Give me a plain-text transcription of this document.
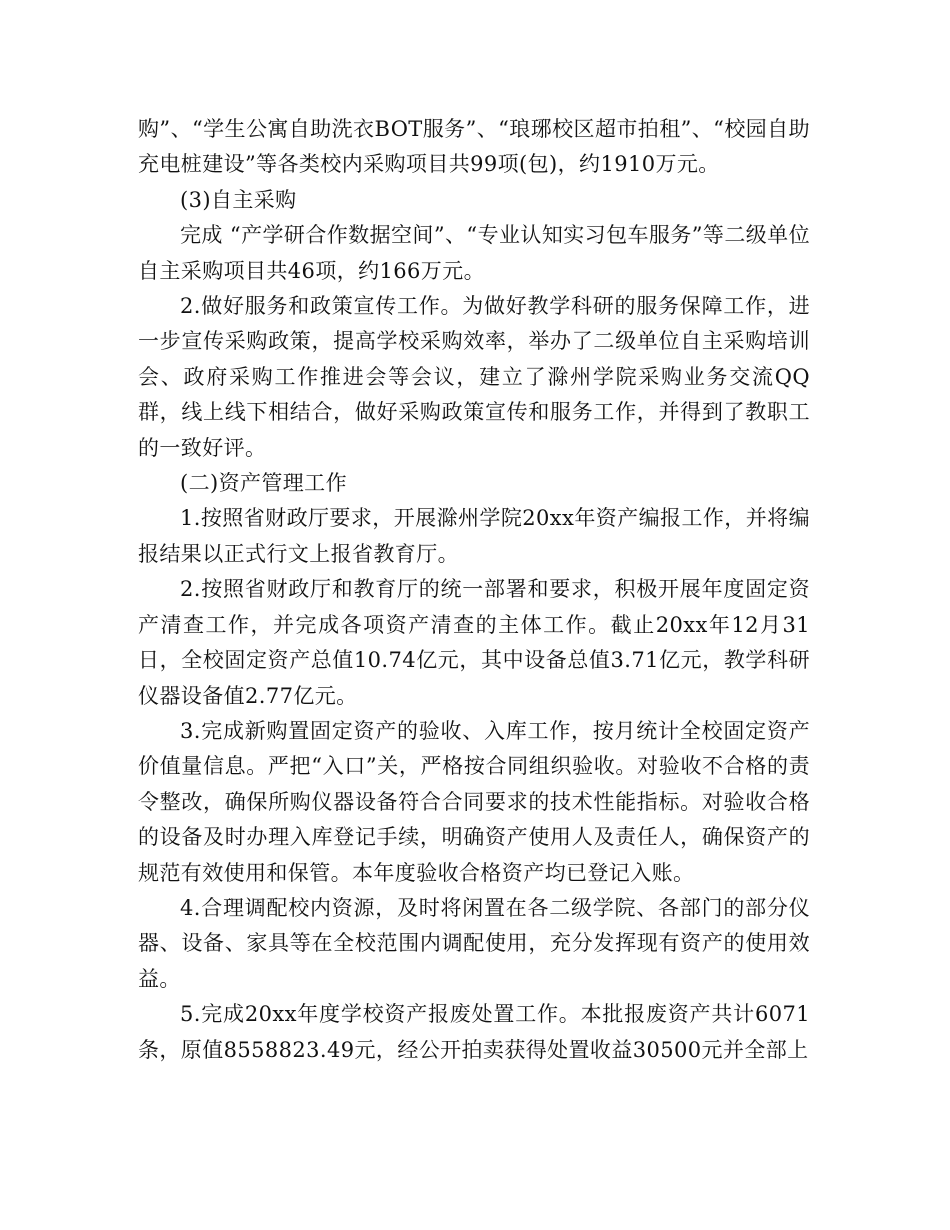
购”、“学生公寓自助洗衣BOT服务”、“琅琊校区超市拍租”、“校园自助充电桩建设”等各类校内采购项目共99项(包)，约1910万元。

(3)自主采购

完成 “产学研合作数据空间”、“专业认知实习包车服务”等二级单位自主采购项目共46项，约166万元。

2.做好服务和政策宣传工作。为做好教学科研的服务保障工作，进一步宣传采购政策，提高学校采购效率，举办了二级单位自主采购培训会、政府采购工作推进会等会议，建立了滁州学院采购业务交流QQ群，线上线下相结合，做好采购政策宣传和服务工作，并得到了教职工的一致好评。

(二)资产管理工作

1.按照省财政厅要求，开展滁州学院20xx年资产编报工作，并将编报结果以正式行文上报省教育厅。

2.按照省财政厅和教育厅的统一部署和要求，积极开展年度固定资产清查工作，并完成各项资产清查的主体工作。截止20xx年12月31日，全校固定资产总值10.74亿元，其中设备总值3.71亿元，教学科研仪器设备值2.77亿元。

3.完成新购置固定资产的验收、入库工作，按月统计全校固定资产价值量信息。严把“入口”关，严格按合同组织验收。对验收不合格的责令整改，确保所购仪器设备符合合同要求的技术性能指标。对验收合格的设备及时办理入库登记手续，明确资产使用人及责任人，确保资产的规范有效使用和保管。本年度验收合格资产均已登记入账。

4.合理调配校内资源，及时将闲置在各二级学院、各部门的部分仪器、设备、家具等在全校范围内调配使用，充分发挥现有资产的使用效益。

5.完成20xx年度学校资产报废处置工作。本批报废资产共计6071条，原值8558823.49元，经公开拍卖获得处置收益30500元并全部上
